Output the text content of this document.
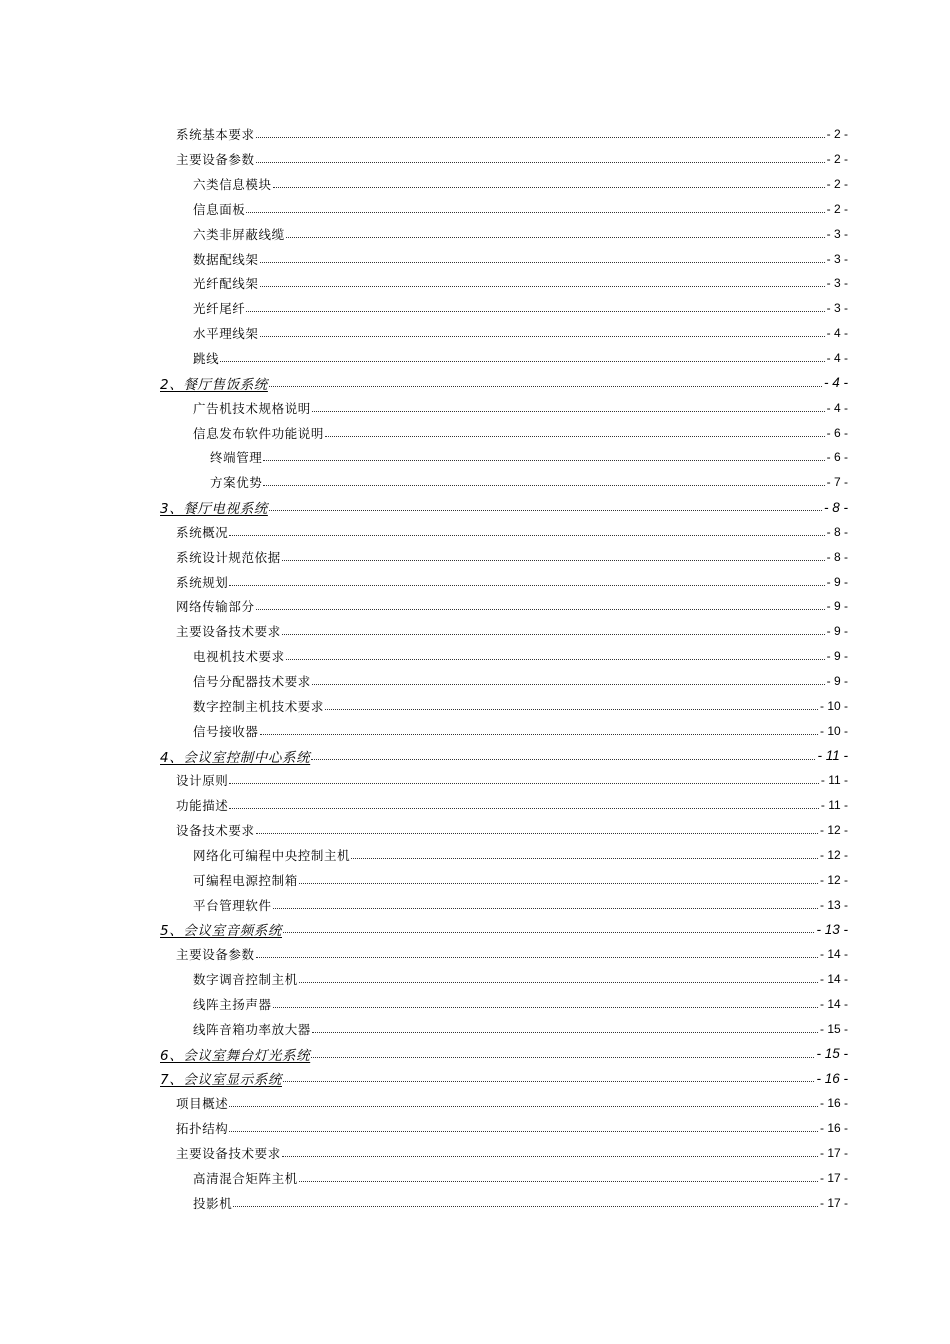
系统基本要求	- 2 -
主要设备参数	- 2 -
六类信息模块	- 2 -
信息面板	- 2 -
六类非屏蔽线缆	- 3 -
数据配线架	- 3 -
光纤配线架	- 3 -
光纤尾纤	- 3 -
水平理线架	- 4 -
跳线	- 4 -
2、餐厅售饭系统	- 4 -
广告机技术规格说明	- 4 -
信息发布软件功能说明	- 6 -
终端管理	- 6 -
方案优势	- 7 -
3、餐厅电视系统	- 8 -
系统概况	- 8 -
系统设计规范依据	- 8 -
系统规划	- 9 -
网络传输部分	- 9 -
主要设备技术要求	- 9 -
电视机技术要求	- 9 -
信号分配器技术要求	- 9 -
数字控制主机技术要求	- 10 -
信号接收器	- 10 -
4、会议室控制中心系统	- 11 -
设计原则	- 11 -
功能描述	- 11 -
设备技术要求	- 12 -
网络化可编程中央控制主机	- 12 -
可编程电源控制箱	- 12 -
平台管理软件	- 13 -
5、会议室音频系统	- 13 -
主要设备参数	- 14 -
数字调音控制主机	- 14 -
线阵主扬声器	- 14 -
线阵音箱功率放大器	- 15 -
6、会议室舞台灯光系统	- 15 -
7、会议室显示系统	- 16 -
项目概述	- 16 -
拓扑结构	- 16 -
主要设备技术要求	- 17 -
高清混合矩阵主机	- 17 -
投影机	- 17 -
